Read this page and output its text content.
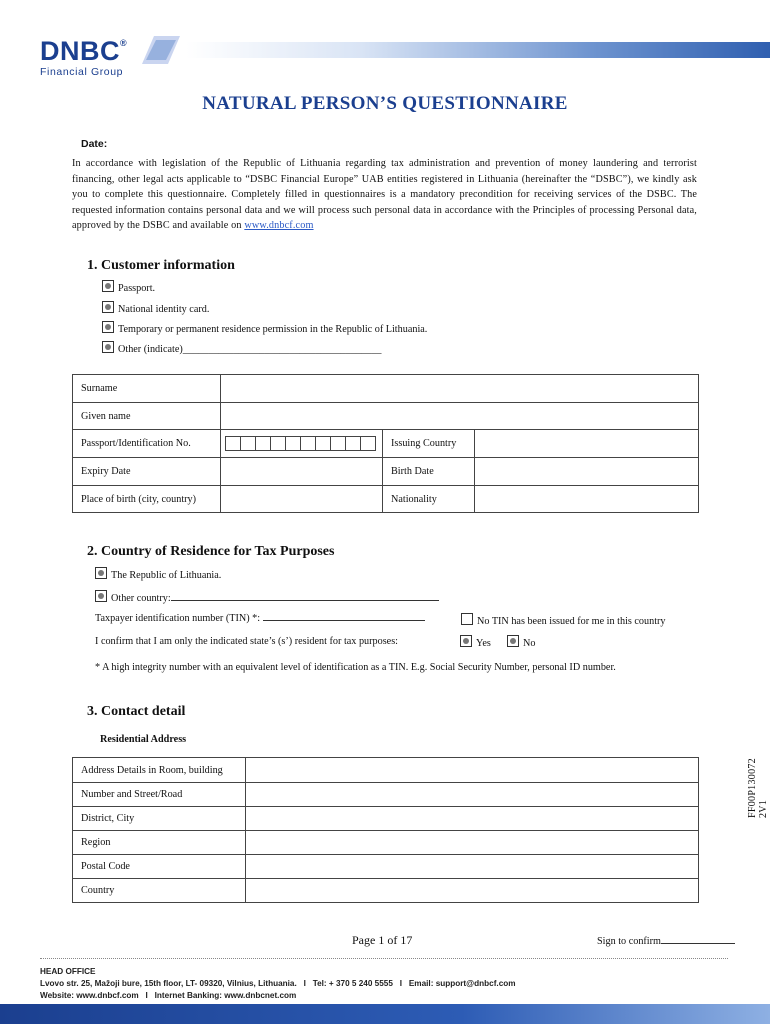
DNBC®
Financial Group
NATURAL PERSON’S QUESTIONNAIRE
Date:
In accordance with legislation of the Republic of Lithuania regarding tax administration and prevention of money laundering and terrorist financing, other legal acts applicable to “DSBC Financial Europe” UAB entities registered in Lithuania (hereinafter the “DSBC”), we kindly ask you to complete this questionnaire. Completely filled in questionnaires is a mandatory precondition for receiving services of the DSBC. The requested information contains personal data and we will process such personal data in accordance with the Principles of processing Personal data, approved by the DSBC and available on www.dnbcf.com
1. Customer information
Passport.
National identity card.
Temporary or permanent residence permission in the Republic of Lithuania.
Other (indicate)_______________________________________
Surname			
Given name			
Passport/Identification No.		Issuing Country	
Expiry Date		Birth Date	
Place of birth (city, country)		Nationality	
2. Country of Residence for Tax Purposes
The Republic of Lithuania.
Other country:
Taxpayer identification number (TIN) *:	No TIN has been issued for me in this country
I confirm that I am only the indicated state’s (s’) resident for tax purposes:	Yes	No
* A high integrity number with an equivalent level of identification as a TIN. E.g. Social Security Number, personal ID number.
3. Contact detail
Residential Address
Address Details in Room, building	
Number and Street/Road	
District, City	
Region	
Postal Code	
Country	
FF00P130072 2V1
Page 1 of 17	Sign to confirm
HEAD OFFICE
Lvovo str. 25, Mažoji bure, 15th floor, LT- 09320, Vilnius, Lithuania. I Tel: + 370 5 240 5555 I Email: support@dnbcf.com
Website: www.dnbcf.com I Internet Banking: www.dnbcnet.com
